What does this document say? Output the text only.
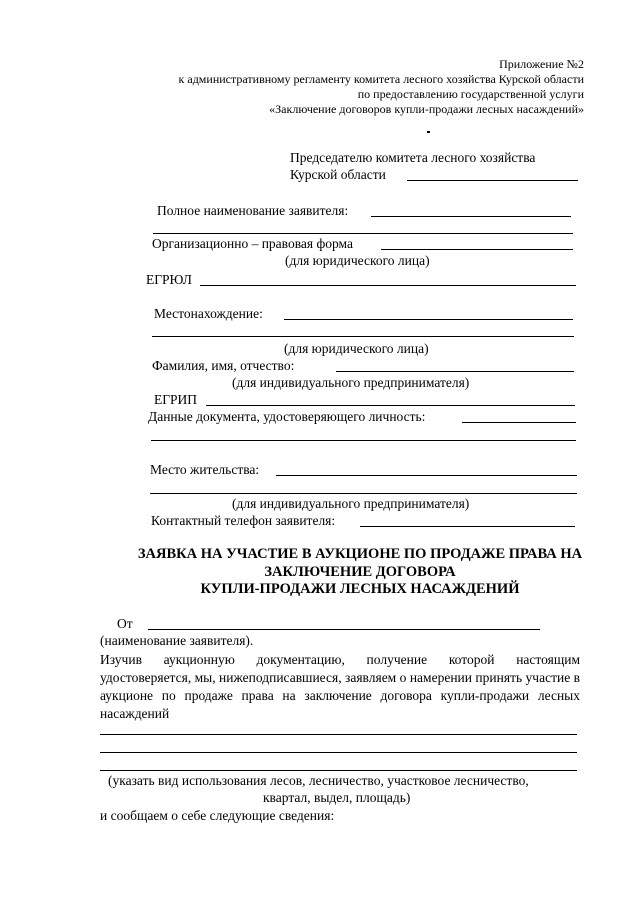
Приложение №2
к административному регламенту комитета лесного хозяйства Курской области
по предоставлению государственной услуги
«Заключение договоров купли-продажи лесных насаждений»
Председателю комитета лесного хозяйства
Курской области
Полное наименование заявителя:
Организационно – правовая форма
(для юридического лица)
ЕГРЮЛ
Местонахождение:
(для юридического лица)
Фамилия, имя, отчество:
(для индивидуального предпринимателя)
ЕГРИП
Данные документа, удостоверяющего личность:
Место жительства:
(для индивидуального предпринимателя)
Контактный телефон заявителя:
ЗАЯВКА НА УЧАСТИЕ В АУКЦИОНЕ ПО ПРОДАЖЕ ПРАВА НА
ЗАКЛЮЧЕНИЕ ДОГОВОРА
КУПЛИ-ПРОДАЖИ ЛЕСНЫХ НАСАЖДЕНИЙ
От
(наименование заявителя).
Изучив аукционную документацию, получение которой настоящим удостоверяется, мы, нижеподписавшиеся, заявляем о намерении принять участие в аукционе по продаже права на заключение договора купли-продажи лесных насаждений
(указать вид использования лесов, лесничество, участковое лесничество,
квартал, выдел, площадь)
и сообщаем о себе следующие сведения:
